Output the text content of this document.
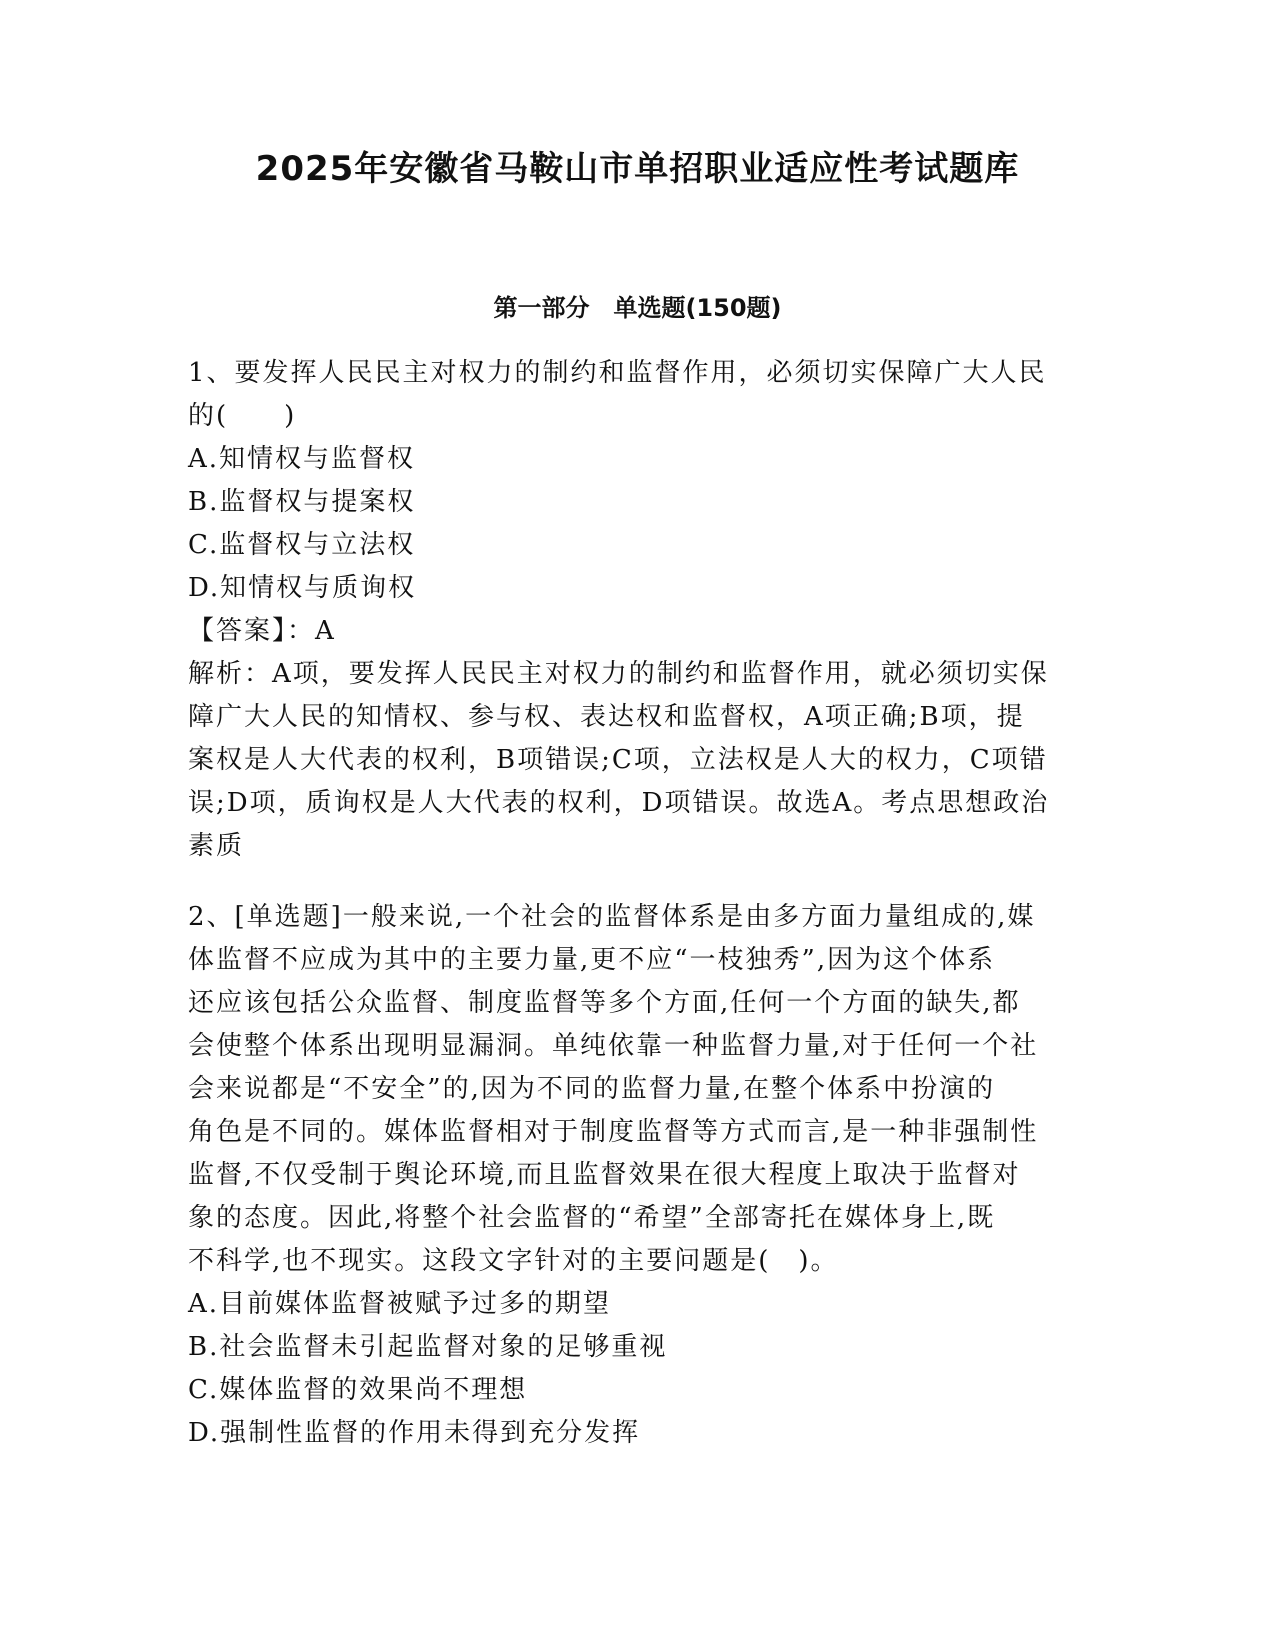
2025年安徽省马鞍山市单招职业适应性考试题库
第一部分　单选题(150题)
1、要发挥人民民主对权力的制约和监督作用，必须切实保障广大人民
的(　　)
A.知情权与监督权
B.监督权与提案权
C.监督权与立法权
D.知情权与质询权
【答案】：A
解析：A项，要发挥人民民主对权力的制约和监督作用，就必须切实保
障广大人民的知情权、参与权、表达权和监督权，A项正确;B项，提
案权是人大代表的权利，B项错误;C项，立法权是人大的权力，C项错
误;D项，质询权是人大代表的权利，D项错误。故选A。考点思想政治
素质
2、[单选题]一般来说,一个社会的监督体系是由多方面力量组成的,媒
体监督不应成为其中的主要力量,更不应“一枝独秀”,因为这个体系
还应该包括公众监督、制度监督等多个方面,任何一个方面的缺失,都
会使整个体系出现明显漏洞。单纯依靠一种监督力量,对于任何一个社
会来说都是“不安全”的,因为不同的监督力量,在整个体系中扮演的
角色是不同的。媒体监督相对于制度监督等方式而言,是一种非强制性
监督,不仅受制于舆论环境,而且监督效果在很大程度上取决于监督对
象的态度。因此,将整个社会监督的“希望”全部寄托在媒体身上,既
不科学,也不现实。这段文字针对的主要问题是(　)。
A.目前媒体监督被赋予过多的期望
B.社会监督未引起监督对象的足够重视
C.媒体监督的效果尚不理想
D.强制性监督的作用未得到充分发挥
